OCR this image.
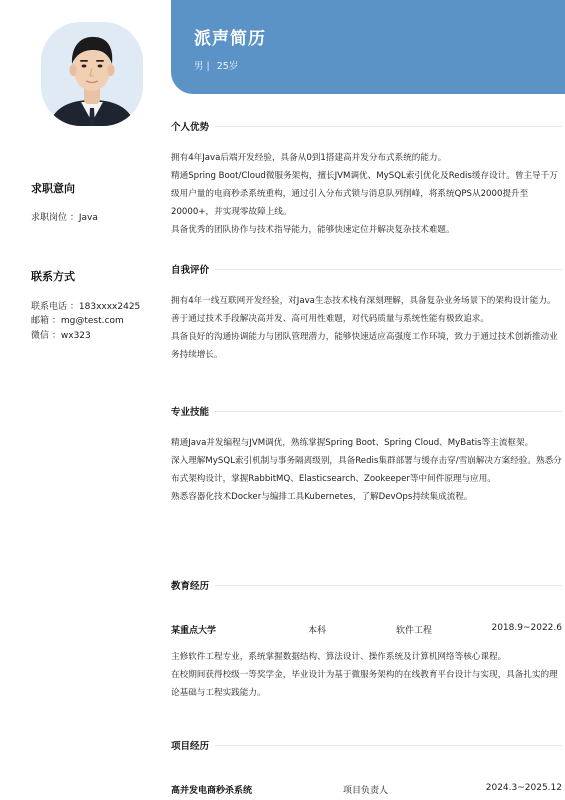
派声简历
男 | 25岁
求职意向
求职岗位 ：Java
联系方式
联系电话 ：183xxxx2425
邮箱 ：mg@test.com
微信 ：wx323
个人优势

拥有4年Java后端开发经验，具备从0到1搭建高并发分布式系统的能力。

精通Spring Boot/Cloud微服务架构，擅长JVM调优、MySQL索引优化及Redis缓存设计。曾主导千万级用户量的电商秒杀系统重构，通过引入分布式锁与消息队列削峰，将系统QPS从2000提升至20000+，并实现零故障上线。

具备优秀的团队协作与技术指导能力，能够快速定位并解决复杂技术难题。

自我评价

拥有4年一线互联网开发经验，对Java生态技术栈有深刻理解，具备复杂业务场景下的架构设计能力。

善于通过技术手段解决高并发、高可用性难题，对代码质量与系统性能有极致追求。

具备良好的沟通协调能力与团队管理潜力，能够快速适应高强度工作环境，致力于通过技术创新推动业务持续增长。

专业技能

精通Java并发编程与JVM调优，熟练掌握Spring Boot、Spring Cloud、MyBatis等主流框架。

深入理解MySQL索引机制与事务隔离级别，具备Redis集群部署与缓存击穿/雪崩解决方案经验。熟悉分布式架构设计，掌握RabbitMQ、Elasticsearch、Zookeeper等中间件原理与应用。

熟悉容器化技术Docker与编排工具Kubernetes，了解DevOps持续集成流程。

教育经历
某重点大学	本科	软件工程	2018.9~2022.6

主修软件工程专业，系统掌握数据结构、算法设计、操作系统及计算机网络等核心课程。

在校期间获得校级一等奖学金，毕业设计为基于微服务架构的在线教育平台设计与实现，具备扎实的理论基础与工程实践能力。

项目经历
高并发电商秒杀系统	项目负责人	2024.3~2025.12
